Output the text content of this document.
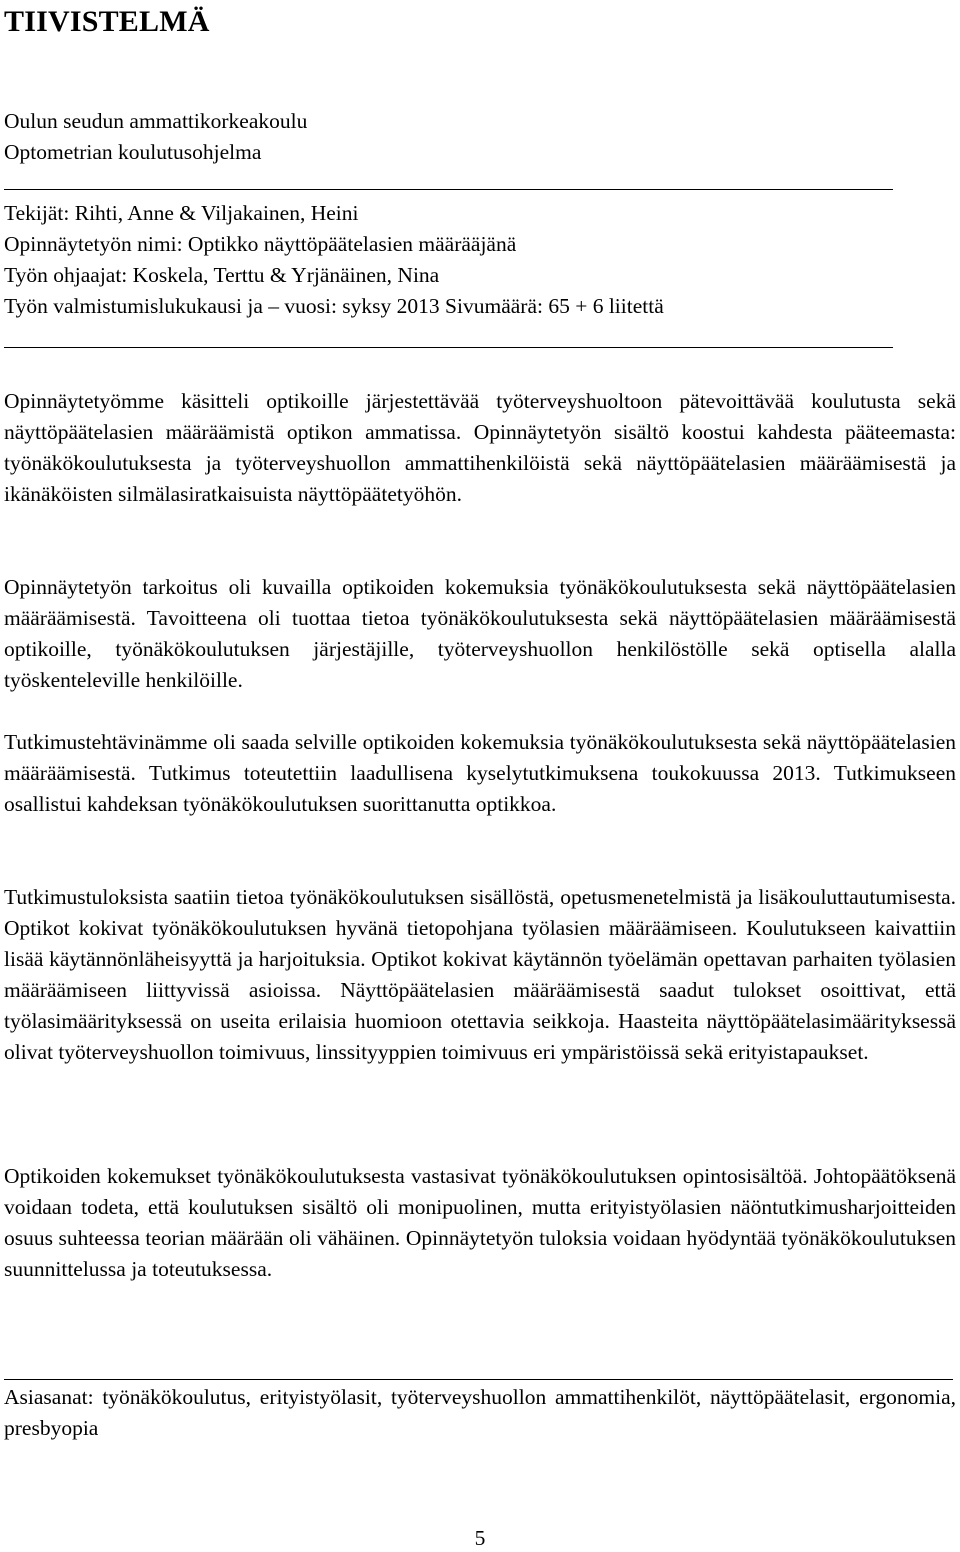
TIIVISTELMÄ
Oulun seudun ammattikorkeakoulu
Optometrian koulutusohjelma
Tekijät: Rihti, Anne & Viljakainen, Heini
Opinnäytetyön nimi: Optikko näyttöpäätelasien määrääjänä
Työn ohjaajat: Koskela, Terttu & Yrjänäinen, Nina
Työn valmistumislukukausi ja – vuosi: syksy 2013 Sivumäärä: 65 + 6 liitettä

Opinnäytetyömme käsitteli optikoille järjestettävää työterveyshuoltoon pätevoittävää koulutusta sekä näyttöpäätelasien määräämistä optikon ammatissa. Opinnäytetyön sisältö koostui kahdesta pääteemasta: työnäkökoulutuksesta ja työterveyshuollon ammattihenkilöistä sekä näyttöpäätelasien määräämisestä ja ikänäköisten silmälasiratkaisuista näyttöpäätetyöhön.

Opinnäytetyön tarkoitus oli kuvailla optikoiden kokemuksia työnäkökoulutuksesta sekä näyttöpäätelasien määräämisestä. Tavoitteena oli tuottaa tietoa työnäkökoulutuksesta sekä näyttöpäätelasien määräämisestä optikoille, työnäkökoulutuksen järjestäjille, työterveyshuollon henkilöstölle sekä optisella alalla työskenteleville henkilöille.

Tutkimustehtävinämme oli saada selville optikoiden kokemuksia työnäkökoulutuksesta sekä näyttöpäätelasien määräämisestä. Tutkimus toteutettiin laadullisena kyselytutkimuksena toukokuussa 2013. Tutkimukseen osallistui kahdeksan työnäkökoulutuksen suorittanutta optikkoa.

Tutkimustuloksista saatiin tietoa työnäkökoulutuksen sisällöstä, opetusmenetelmistä ja lisäkouluttautumisesta. Optikot kokivat työnäkökoulutuksen hyvänä tietopohjana työlasien määräämiseen. Koulutukseen kaivattiin lisää käytännönläheisyyttä ja harjoituksia. Optikot kokivat käytännön työelämän opettavan parhaiten työlasien määräämiseen liittyvissä asioissa. Näyttöpäätelasien määräämisestä saadut tulokset osoittivat, että työlasimäärityksessä on useita erilaisia huomioon otettavia seikkoja. Haasteita näyttöpäätelasimäärityksessä olivat työterveyshuollon toimivuus, linssityyppien toimivuus eri ympäristöissä sekä erityistapaukset.

Optikoiden kokemukset työnäkökoulutuksesta vastasivat työnäkökoulutuksen opintosisältöä. Johtopäätöksenä voidaan todeta, että koulutuksen sisältö oli monipuolinen, mutta erityistyölasien näöntutkimusharjoitteiden osuus suhteessa teorian määrään oli vähäinen. Opinnäytetyön tuloksia voidaan hyödyntää työnäkökoulutuksen suunnittelussa ja toteutuksessa.

Asiasanat: työnäkökoulutus, erityistyölasit, työterveyshuollon ammattihenkilöt, näyttöpäätelasit, ergonomia, presbyopia

5
